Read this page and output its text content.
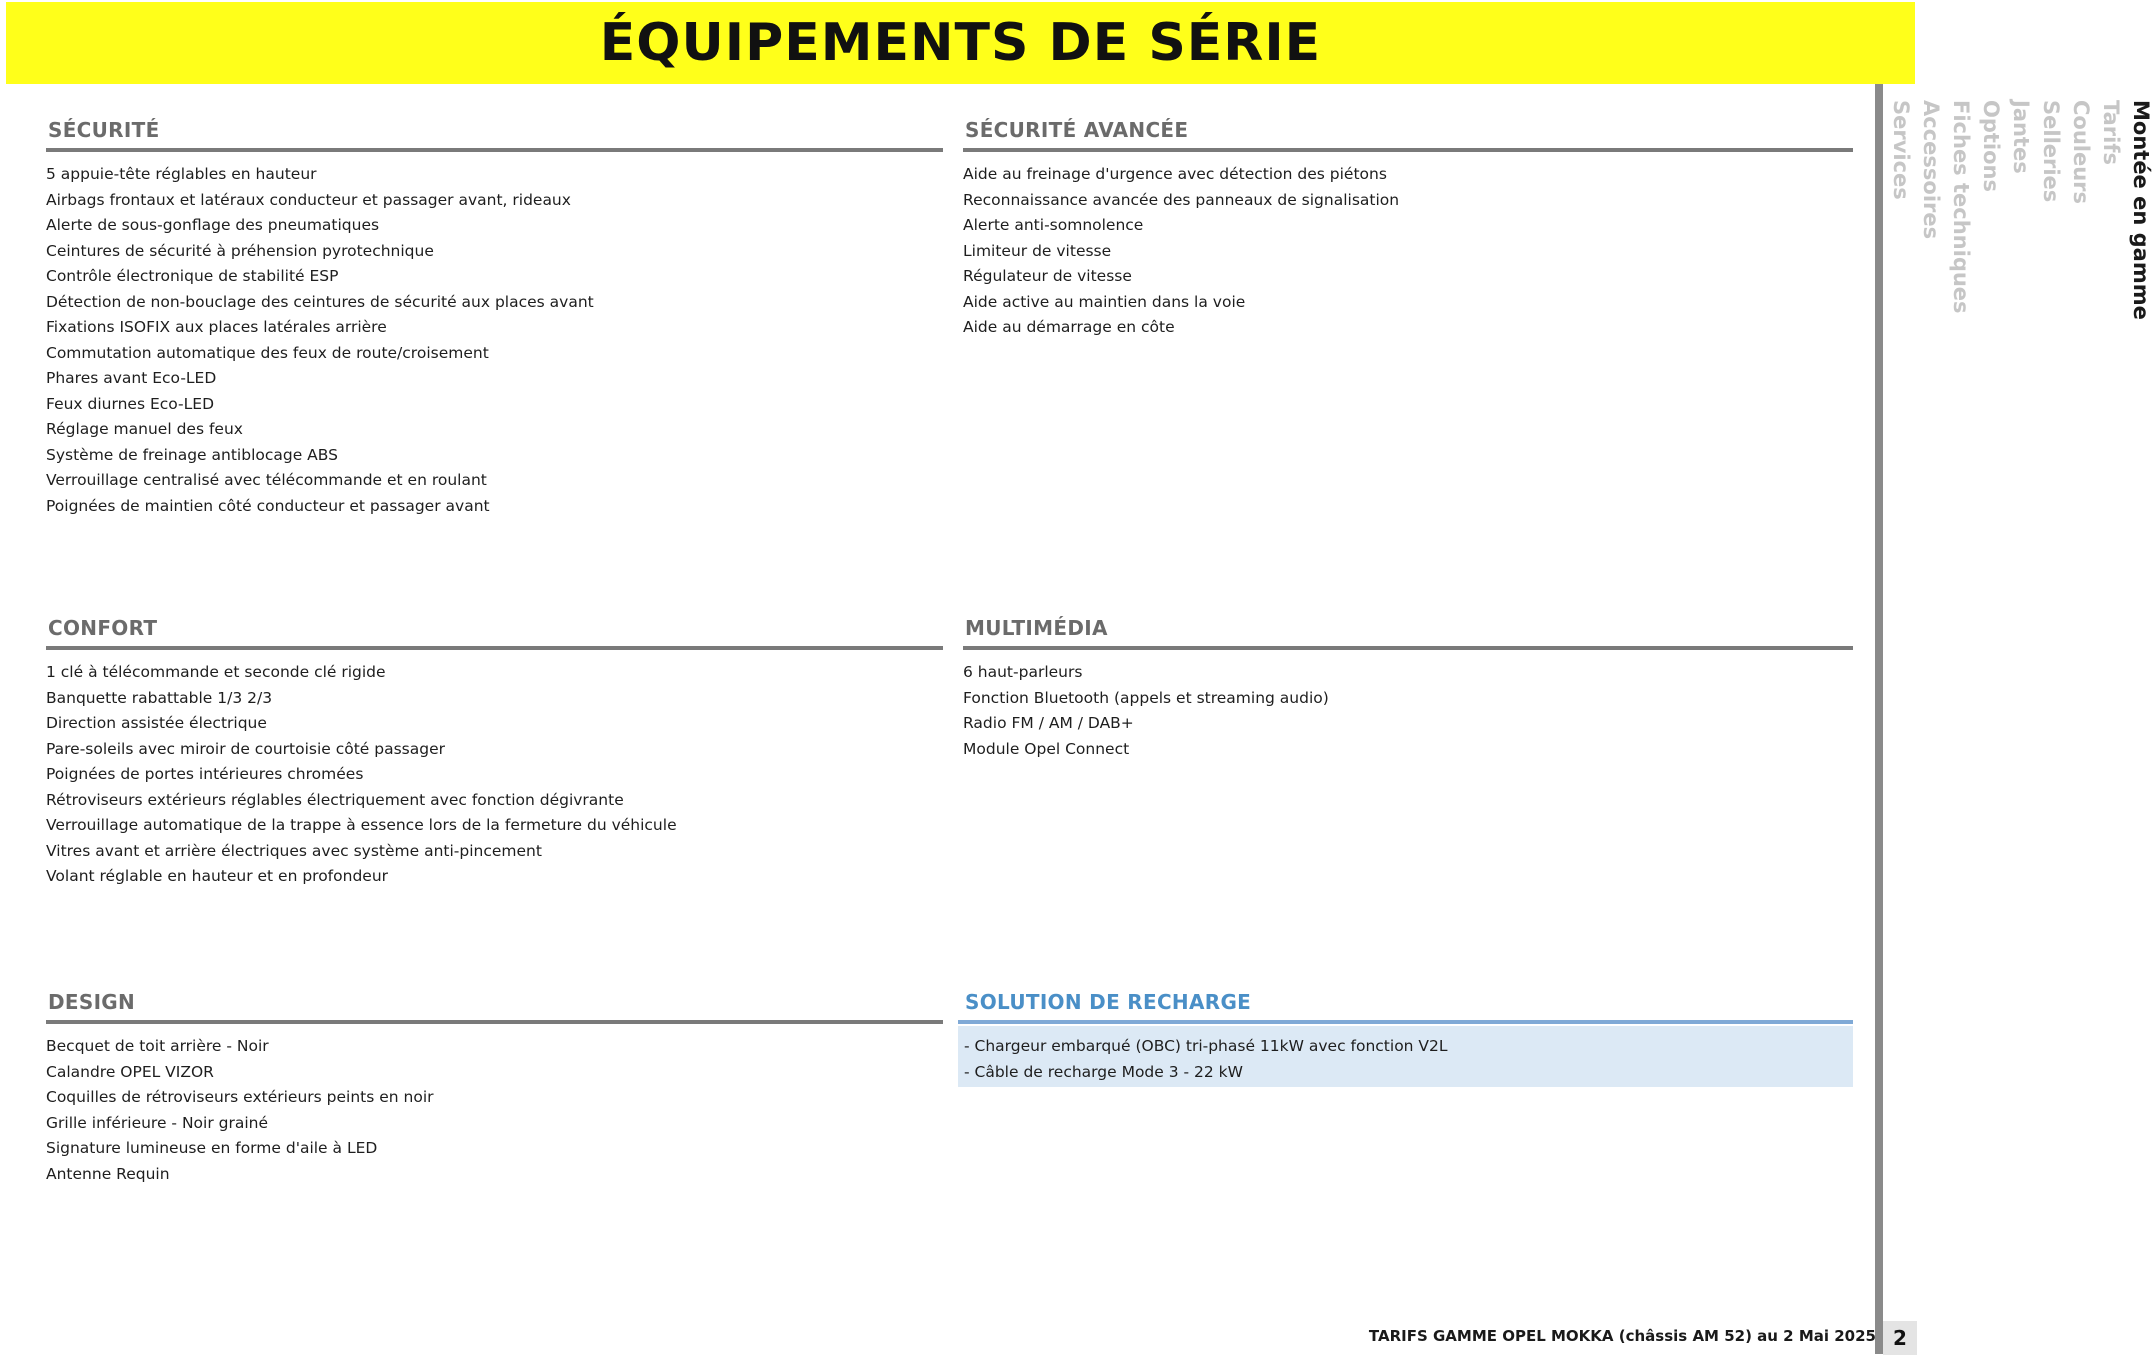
ÉQUIPEMENTS DE SÉRIE
SÉCURITÉ
5 appuie-tête réglables en hauteur
Airbags frontaux et latéraux conducteur et passager avant, rideaux
Alerte de sous-gonflage des pneumatiques
Ceintures de sécurité à préhension pyrotechnique
Contrôle électronique de stabilité ESP
Détection de non-bouclage des ceintures de sécurité aux places avant
Fixations ISOFIX aux places latérales arrière
Commutation automatique des feux de route/croisement
Phares avant Eco-LED
Feux diurnes Eco-LED
Réglage manuel des feux
Système de freinage antiblocage ABS
Verrouillage centralisé avec télécommande et en roulant
Poignées de maintien côté conducteur et passager avant
SÉCURITÉ AVANCÉE
Aide au freinage d'urgence avec détection des piétons
Reconnaissance avancée des panneaux de signalisation
Alerte anti-somnolence
Limiteur de vitesse
Régulateur de vitesse
Aide active au maintien dans la voie
Aide au démarrage en côte
CONFORT
1 clé à télécommande et seconde clé rigide
Banquette rabattable 1/3 2/3
Direction assistée électrique
Pare-soleils avec miroir de courtoisie côté passager
Poignées de portes intérieures chromées
Rétroviseurs extérieurs réglables électriquement avec fonction dégivrante
Verrouillage automatique de la trappe à essence lors de la fermeture du véhicule
Vitres avant et arrière électriques avec système anti-pincement
Volant réglable en hauteur et en profondeur
MULTIMÉDIA
6 haut-parleurs
Fonction Bluetooth (appels et streaming audio)
Radio FM / AM / DAB+
Module Opel Connect
DESIGN
Becquet de toit arrière - Noir
Calandre OPEL VIZOR
Coquilles de rétroviseurs extérieurs peints en noir
Grille inférieure - Noir grainé
Signature lumineuse en forme d'aile à LED
Antenne Requin
SOLUTION DE RECHARGE
- Chargeur embarqué (OBC) tri-phasé 11kW avec fonction V2L
- Câble de recharge Mode 3 - 22 kW
Montée en gamme
Tarifs
Couleurs
Selleries
Jantes
Options
Fiches techniques
Accessoires
Services
TARIFS GAMME OPEL MOKKA (châssis AM 52) au 2 Mai 2025 2
